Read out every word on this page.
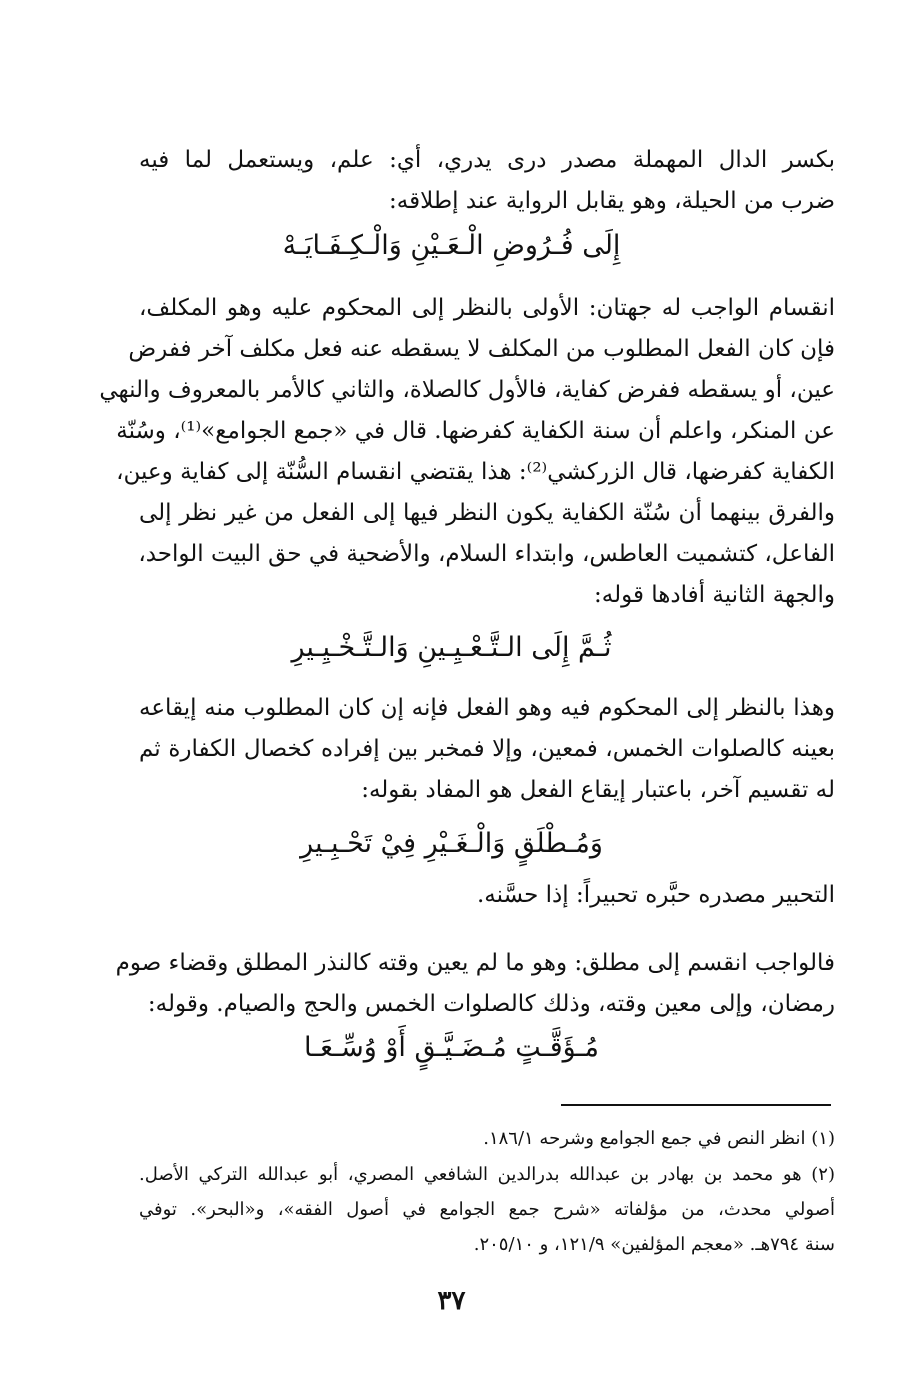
بكسر الدال المهملة مصدر درى يدري، أي: علم، ويستعمل لما فيه
ضرب من الحيلة، وهو يقابل الرواية عند إطلاقه:
إِلَى فُـرُوضِ الْـعَـيْنِ وَالْـكِـفَـايَـهْ
انقسام الواجب له جهتان: الأولى بالنظر إلى المحكوم عليه وهو المكلف،
فإن كان الفعل المطلوب من المكلف لا يسقطه عنه فعل مكلف آخر ففرض
عين، أو يسقطه ففرض كفاية، فالأول كالصلاة، والثاني كالأمر بالمعروف والنهي
عن المنكر، واعلم أن سنة الكفاية كفرضها. قال في «جمع الجوامع»⁽¹⁾، وسُنّة
الكفاية كفرضها، قال الزركشي⁽²⁾: هذا يقتضي انقسام السُّنّة إلى كفاية وعين،
والفرق بينهما أن سُنّة الكفاية يكون النظر فيها إلى الفعل من غير نظر إلى
الفاعل، كتشميت العاطس، وابتداء السلام، والأضحية في حق البيت الواحد،
والجهة الثانية أفادها قوله:
ثُـمَّ إِلَى الـتَّـعْـيِـينِ وَالـتَّـخْـيِـيرِ
وهذا بالنظر إلى المحكوم فيه وهو الفعل فإنه إن كان المطلوب منه إيقاعه
بعينه كالصلوات الخمس، فمعين، وإلا فمخبر بين إفراده كخصال الكفارة ثم
له تقسيم آخر، باعتبار إيقاع الفعل هو المفاد بقوله:
وَمُـطْلَقٍ وَالْـغَـيْرِ فِيْ تَحْـبِـيرِ
التحبير مصدره حبَّره تحبيراً: إذا حسَّنه.
فالواجب انقسم إلى مطلق: وهو ما لم يعين وقته كالنذر المطلق وقضاء صوم
رمضان، وإلى معين وقته، وذلك كالصلوات الخمس والحج والصيام. وقوله:
مُـؤَقَّـتٍ مُـضَـيَّـقٍ أَوْ وُسِّـعَـا
(١) انظر النص في جمع الجوامع وشرحه ١٨٦/١.
(٢) هو محمد بن بهادر بن عبدالله بدرالدين الشافعي المصري، أبو عبدالله التركي الأصل.
أصولي محدث، من مؤلفاته «شرح جمع الجوامع في أصول الفقه»، و«البحر». توفي
سنة ٧٩٤هـ. «معجم المؤلفين» ١٢١/٩، و ٢٠٥/١٠.
٣٧
